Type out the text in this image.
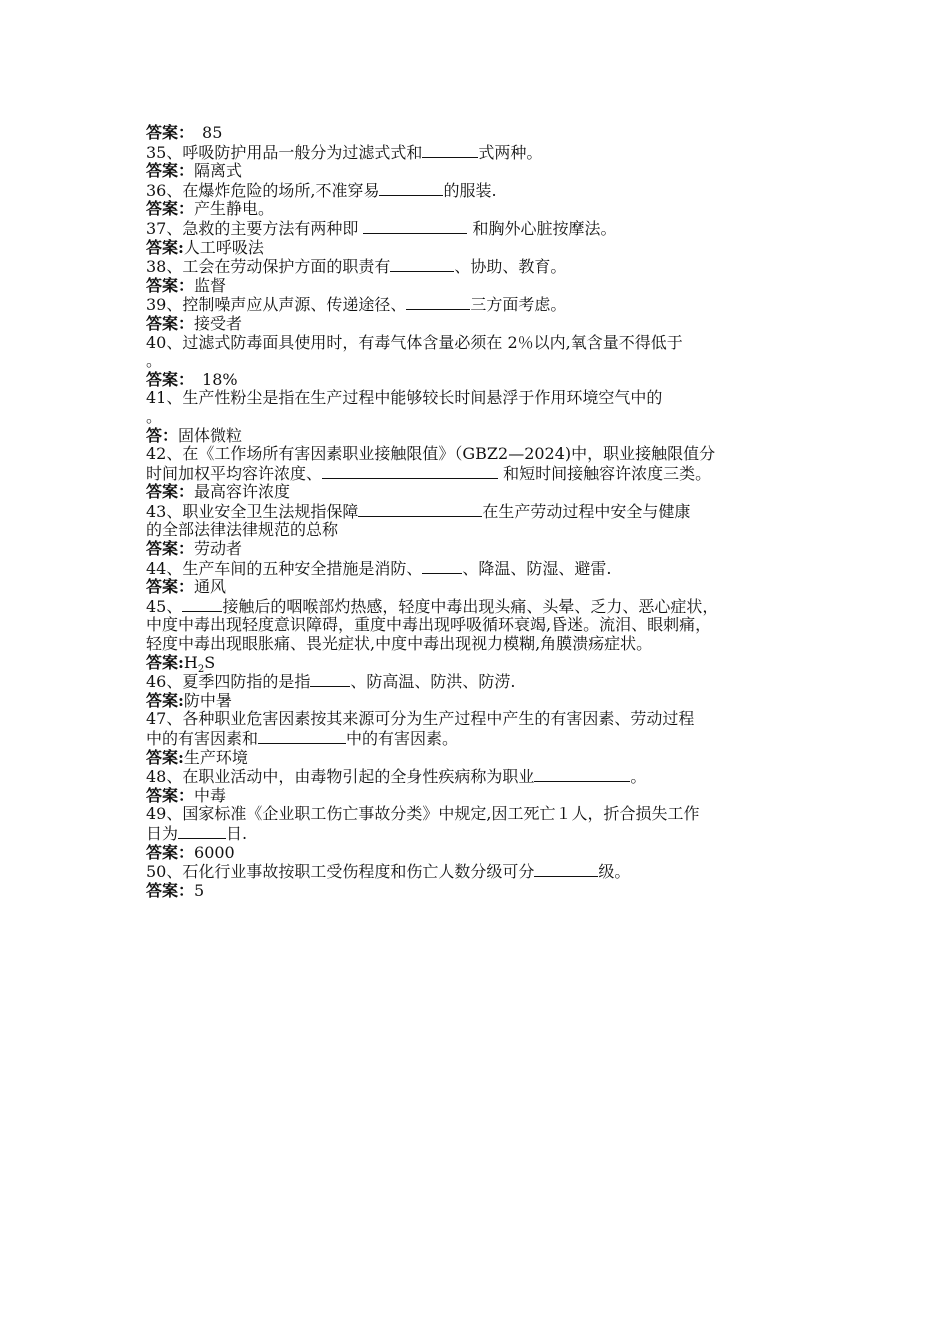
答案： 85
35、呼吸防护用品一般分为过滤式式和	式两种。
答案：隔离式
36、在爆炸危险的场所,不准穿易	的服装.
答案：产生静电。
37、急救的主要方法有两种即	和胸外心脏按摩法。
答案:人工呼吸法
38、工会在劳动保护方面的职责有	、协助、教育。
答案：监督
39、控制噪声应从声源、传递途径、	三方面考虑。
答案：接受者
40、过滤式防毒面具使用时，有毒气体含量必须在 2％以内,氧含量不得低于
。
答案： 18%
41、生产性粉尘是指在生产过程中能够较长时间悬浮于作用环境空气中的
。
答：固体微粒
42、在《工作场所有害因素职业接触限值》（GBZ2—2024)中，职业接触限值分
时间加权平均容许浓度、	和短时间接触容许浓度三类。
答案：最高容许浓度
43、职业安全卫生法规指保障	在生产劳动过程中安全与健康
的全部法律法律规范的总称
答案：劳动者
44、生产车间的五种安全措施是消防、	、降温、防湿、避雷.
答案：通风
45、	接触后的咽喉部灼热感，轻度中毒出现头痛、头晕、乏力、恶心症状，
中度中毒出现轻度意识障碍，重度中毒出现呼吸循环衰竭,昏迷。流泪、眼刺痛，
轻度中毒出现眼胀痛、畏光症状,中度中毒出现视力模糊,角膜溃疡症状。
答案$:H_2S$
46、夏季四防指的是指	、防高温、防洪、防涝.
答案:防中暑
47、各种职业危害因素按其来源可分为生产过程中产生的有害因素、劳动过程
中的有害因素和	中的有害因素。
答案:生产环境
48、在职业活动中，由毒物引起的全身性疾病称为职业	。
答案：中毒
49、国家标准《企业职工伤亡事故分类》中规定,因工死亡１人，折合损失工作
日为	日.
答案：6000
50、石化行业事故按职工受伤程度和伤亡人数分级可分	级。
答案：5
